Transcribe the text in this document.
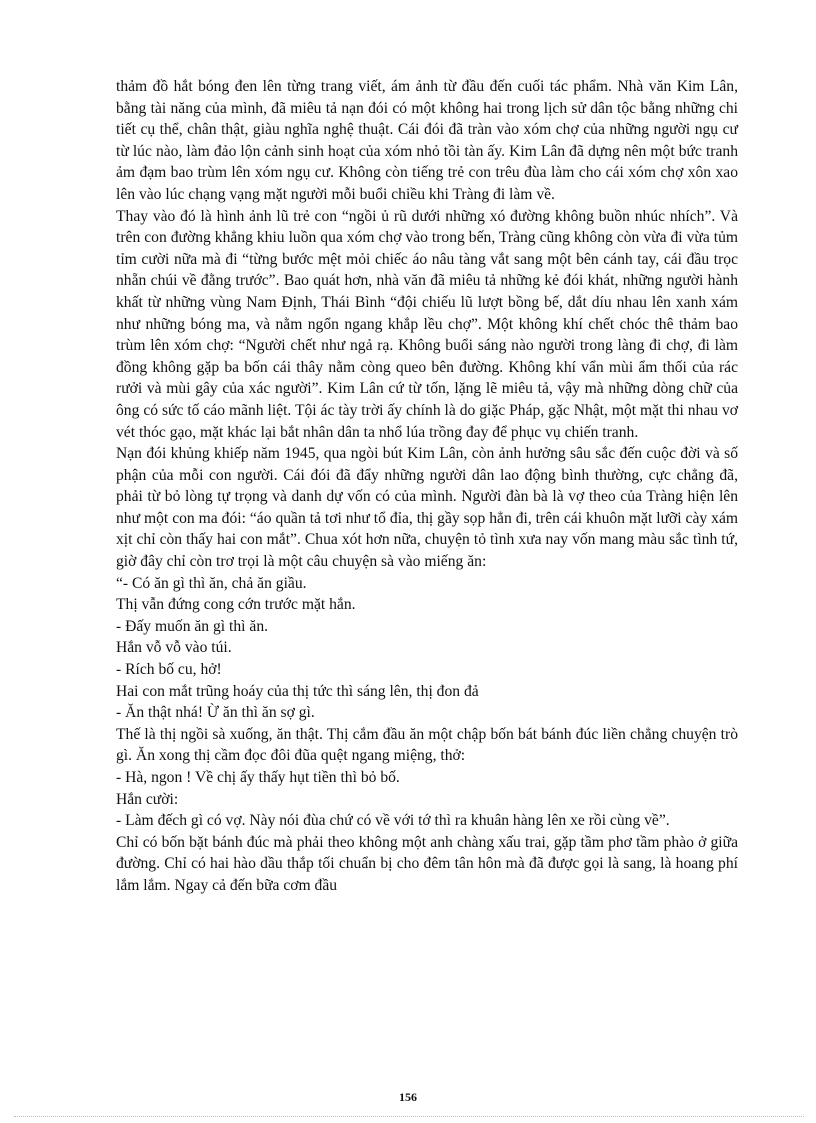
thảm đồ hắt bóng đen lên từng trang viết, ám ảnh từ đầu đến cuối tác phẩm. Nhà văn Kim Lân, bằng tài năng của mình, đã miêu tả nạn đói có một không hai trong lịch sử dân tộc bằng những chi tiết cụ thể, chân thật, giàu nghĩa nghệ thuật. Cái đói đã tràn vào xóm chợ của những người ngụ cư từ lúc nào, làm đảo lộn cảnh sinh hoạt của xóm nhỏ tồi tàn ấy. Kim Lân đã dựng nên một bức tranh ảm đạm bao trùm lên xóm ngụ cư. Không còn tiếng trẻ con trêu đùa làm cho cái xóm chợ xôn xao lên vào lúc chạng vạng mặt người mỗi buổi chiều khi Tràng đi làm về.

Thay vào đó là hình ảnh lũ trẻ con “ngồi ủ rũ dưới những xó đường không buồn nhúc nhích”. Và trên con đường khẳng khiu luồn qua xóm chợ vào trong bến, Tràng cũng không còn vừa đi vừa tủm tỉm cười nữa mà đi “từng bước mệt mỏi chiếc áo nâu tàng vắt sang một bên cánh tay, cái đầu trọc nhẵn chúi về đằng trước”. Bao quát hơn, nhà văn đã miêu tả những kẻ đói khát, những người hành khất từ những vùng Nam Định, Thái Bình “đội chiếu lũ lượt bồng bế, dắt díu nhau lên xanh xám như những bóng ma, và nằm ngổn ngang khắp lều chợ”. Một không khí chết chóc thê thảm bao trùm lên xóm chợ: “Người chết như ngả rạ. Không buổi sáng nào người trong làng đi chợ, đi làm đồng không gặp ba bốn cái thây nằm còng queo bên đường. Không khí vẩn mùi ẩm thối của rác rưởi và mùi gây của xác người”. Kim Lân cứ từ tốn, lặng lẽ miêu tả, vậy mà những dòng chữ của ông có sức tố cáo mãnh liệt. Tội ác tày trời ấy chính là do giặc Pháp, gặc Nhật, một mặt thi nhau vơ vét thóc gạo, mặt khác lại bắt nhân dân ta nhổ lúa trồng đay để phục vụ chiến tranh.

Nạn đói khủng khiếp năm 1945, qua ngòi bút Kim Lân, còn ảnh hưởng sâu sắc đến cuộc đời và số phận của mỗi con người. Cái đói đã đẩy những người dân lao động bình thường, cực chẳng đã, phải từ bỏ lòng tự trọng và danh dự vốn có của mình. Người đàn bà là vợ theo của Tràng hiện lên như một con ma đói: “áo quần tả tơi như tổ đỉa, thị gầy sọp hẳn đi, trên cái khuôn mặt lưỡi cày xám xịt chỉ còn thấy hai con mắt”. Chua xót hơn nữa, chuyện tỏ tình xưa nay vốn mang màu sắc tình tứ, giờ đây chỉ còn trơ trọi là một câu chuyện sà vào miếng ăn:

“- Có ăn gì thì ăn, chả ăn giầu.

Thị vẫn đứng cong cớn trước mặt hắn.

- Đấy muốn ăn gì thì ăn.

Hắn vỗ vỗ vào túi.

- Rích bố cu, hở!

Hai con mắt trũng hoáy của thị tức thì sáng lên, thị đon đả

- Ăn thật nhá! Ừ ăn thì ăn sợ gì.

Thế là thị ngồi sà xuống, ăn thật. Thị cắm đầu ăn một chập bốn bát bánh đúc liền chẳng chuyện trò gì. Ăn xong thị cầm đọc đôi đũa quệt ngang miệng, thở:

- Hà, ngon ! Về chị ấy thấy hụt tiền thì bỏ bố.

Hắn cười:

- Làm đếch gì có vợ. Này nói đùa chứ có về với tớ thì ra khuân hàng lên xe rồi cùng về”.

Chỉ có bốn bặt bánh đúc mà phải theo không một anh chàng xấu trai, gặp tầm phơ tầm phào ở giữa đường. Chỉ có hai hào dầu thắp tối chuẩn bị cho đêm tân hôn mà đã được gọi là sang, là hoang phí lắm lắm. Ngay cả đến bữa cơm đầu

156
